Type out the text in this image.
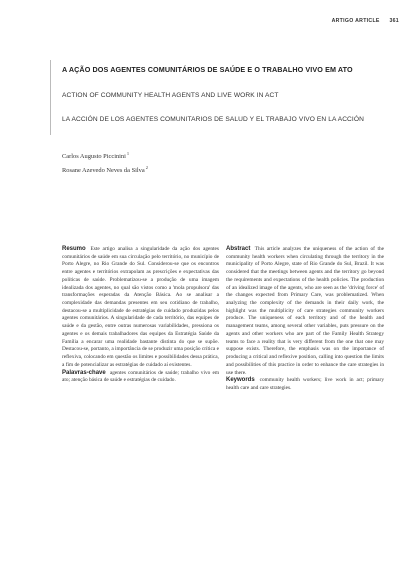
ARTIGO ARTICLE 361
A AÇÃO DOS AGENTES COMUNITÁRIOS DE SAÚDE E O TRABALHO VIVO EM ATO
ACTION OF COMMUNITY HEALTH AGENTS AND LIVE WORK IN ACT
LA ACCIÓN DE LOS AGENTES COMUNITARIOS DE SALUD Y EL TRABAJO VIVO EN LA ACCIÓN
Carlos Augusto Piccinini$^1$
Rosane Azevedo Neves da Silva$^2$

Resumo Este artigo analisa a singularidade da ação dos agentes comunitários de saúde em sua circulação pelo território, no município de Porto Alegre, no Rio Grande do Sul. Considerou-se que os encontros entre agentes e territórios extrapolam as prescrições e expectativas das políticas de saúde. Problematizou-se a produção de uma imagem idealizada dos agentes, no qual são vistos como a 'mola propulsora' das transformações esperadas da Atenção Básica. Ao se analisar a complexidade das demandas presentes em seu cotidiano de trabalho, destacou-se a multiplicidade de estratégias de cuidado produzidas pelos agentes comunitários. A singularidade de cada território, das equipes de saúde e da gestão, entre outras numerosas variabilidades, pressiona os agentes e os demais trabalhadores das equipes da Estratégia Saúde da Família a encarar uma realidade bastante distinta do que se supõe. Destacou-se, portanto, a importância de se produzir uma posição crítica e reflexiva, colocando em questão os limites e possibilidades dessa prática, a fim de potencializar as estratégias de cuidado aí existentes.

Palavras-chave agentes comunitários de saúde; trabalho vivo em ato; atenção básica de saúde e estratégias de cuidado.

Abstract This article analyzes the uniqueness of the action of the community health workers when circulating through the territory in the municipality of Porto Alegre, state of Rio Grande do Sul, Brazil. It was considered that the meetings between agents and the territory go beyond the requirements and expectations of the health policies. The production of an idealized image of the agents, who are seen as the 'driving force' of the changes expected from Primary Care, was problematized. When analyzing the complexity of the demands in their daily work, the highlight was the multiplicity of care strategies community workers produce. The uniqueness of each territory and of the health and management teams, among several other variables, puts pressure on the agents and other workers who are part of the Family Health Strategy teams to face a reality that is very different from the one that one may suppose exists. Therefore, the emphasis was on the importance of producing a critical and reflexive position, calling into question the limits and possibilities of this practice in order to enhance the care strategies in use there.

Keywords community health workers; live work in act; primary health care and care strategies.
